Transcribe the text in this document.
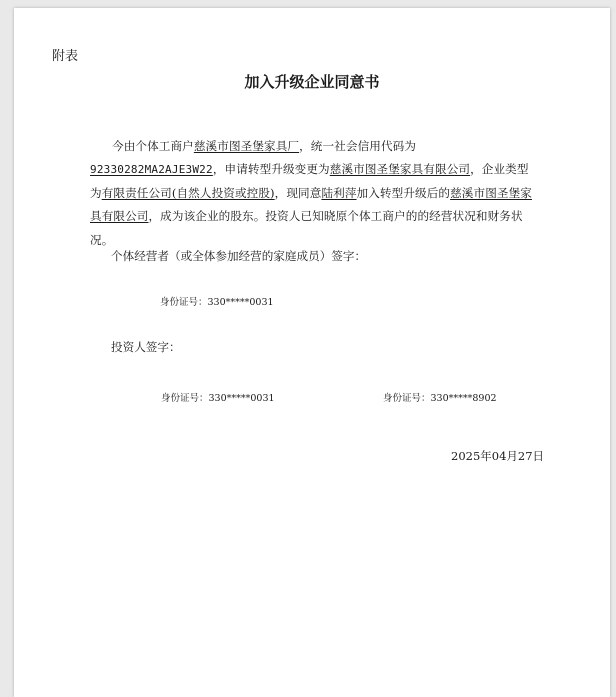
附表
加入升级企业同意书
今由个体工商户慈溪市图圣堡家具厂，统一社会信用代码为92330282MA2AJE3W22，申请转型升级变更为慈溪市图圣堡家具有限公司，企业类型为有限责任公司(自然人投资或控股)，现同意陆利萍加入转型升级后的慈溪市图圣堡家具有限公司，成为该企业的股东。投资人已知晓原个体工商户的的经营状况和财务状况。
个体经营者（或全体参加经营的家庭成员）签字：
身份证号：330*****0031
投资人签字：
身份证号：330*****0031	身份证号：330*****8902
2025年04月27日
